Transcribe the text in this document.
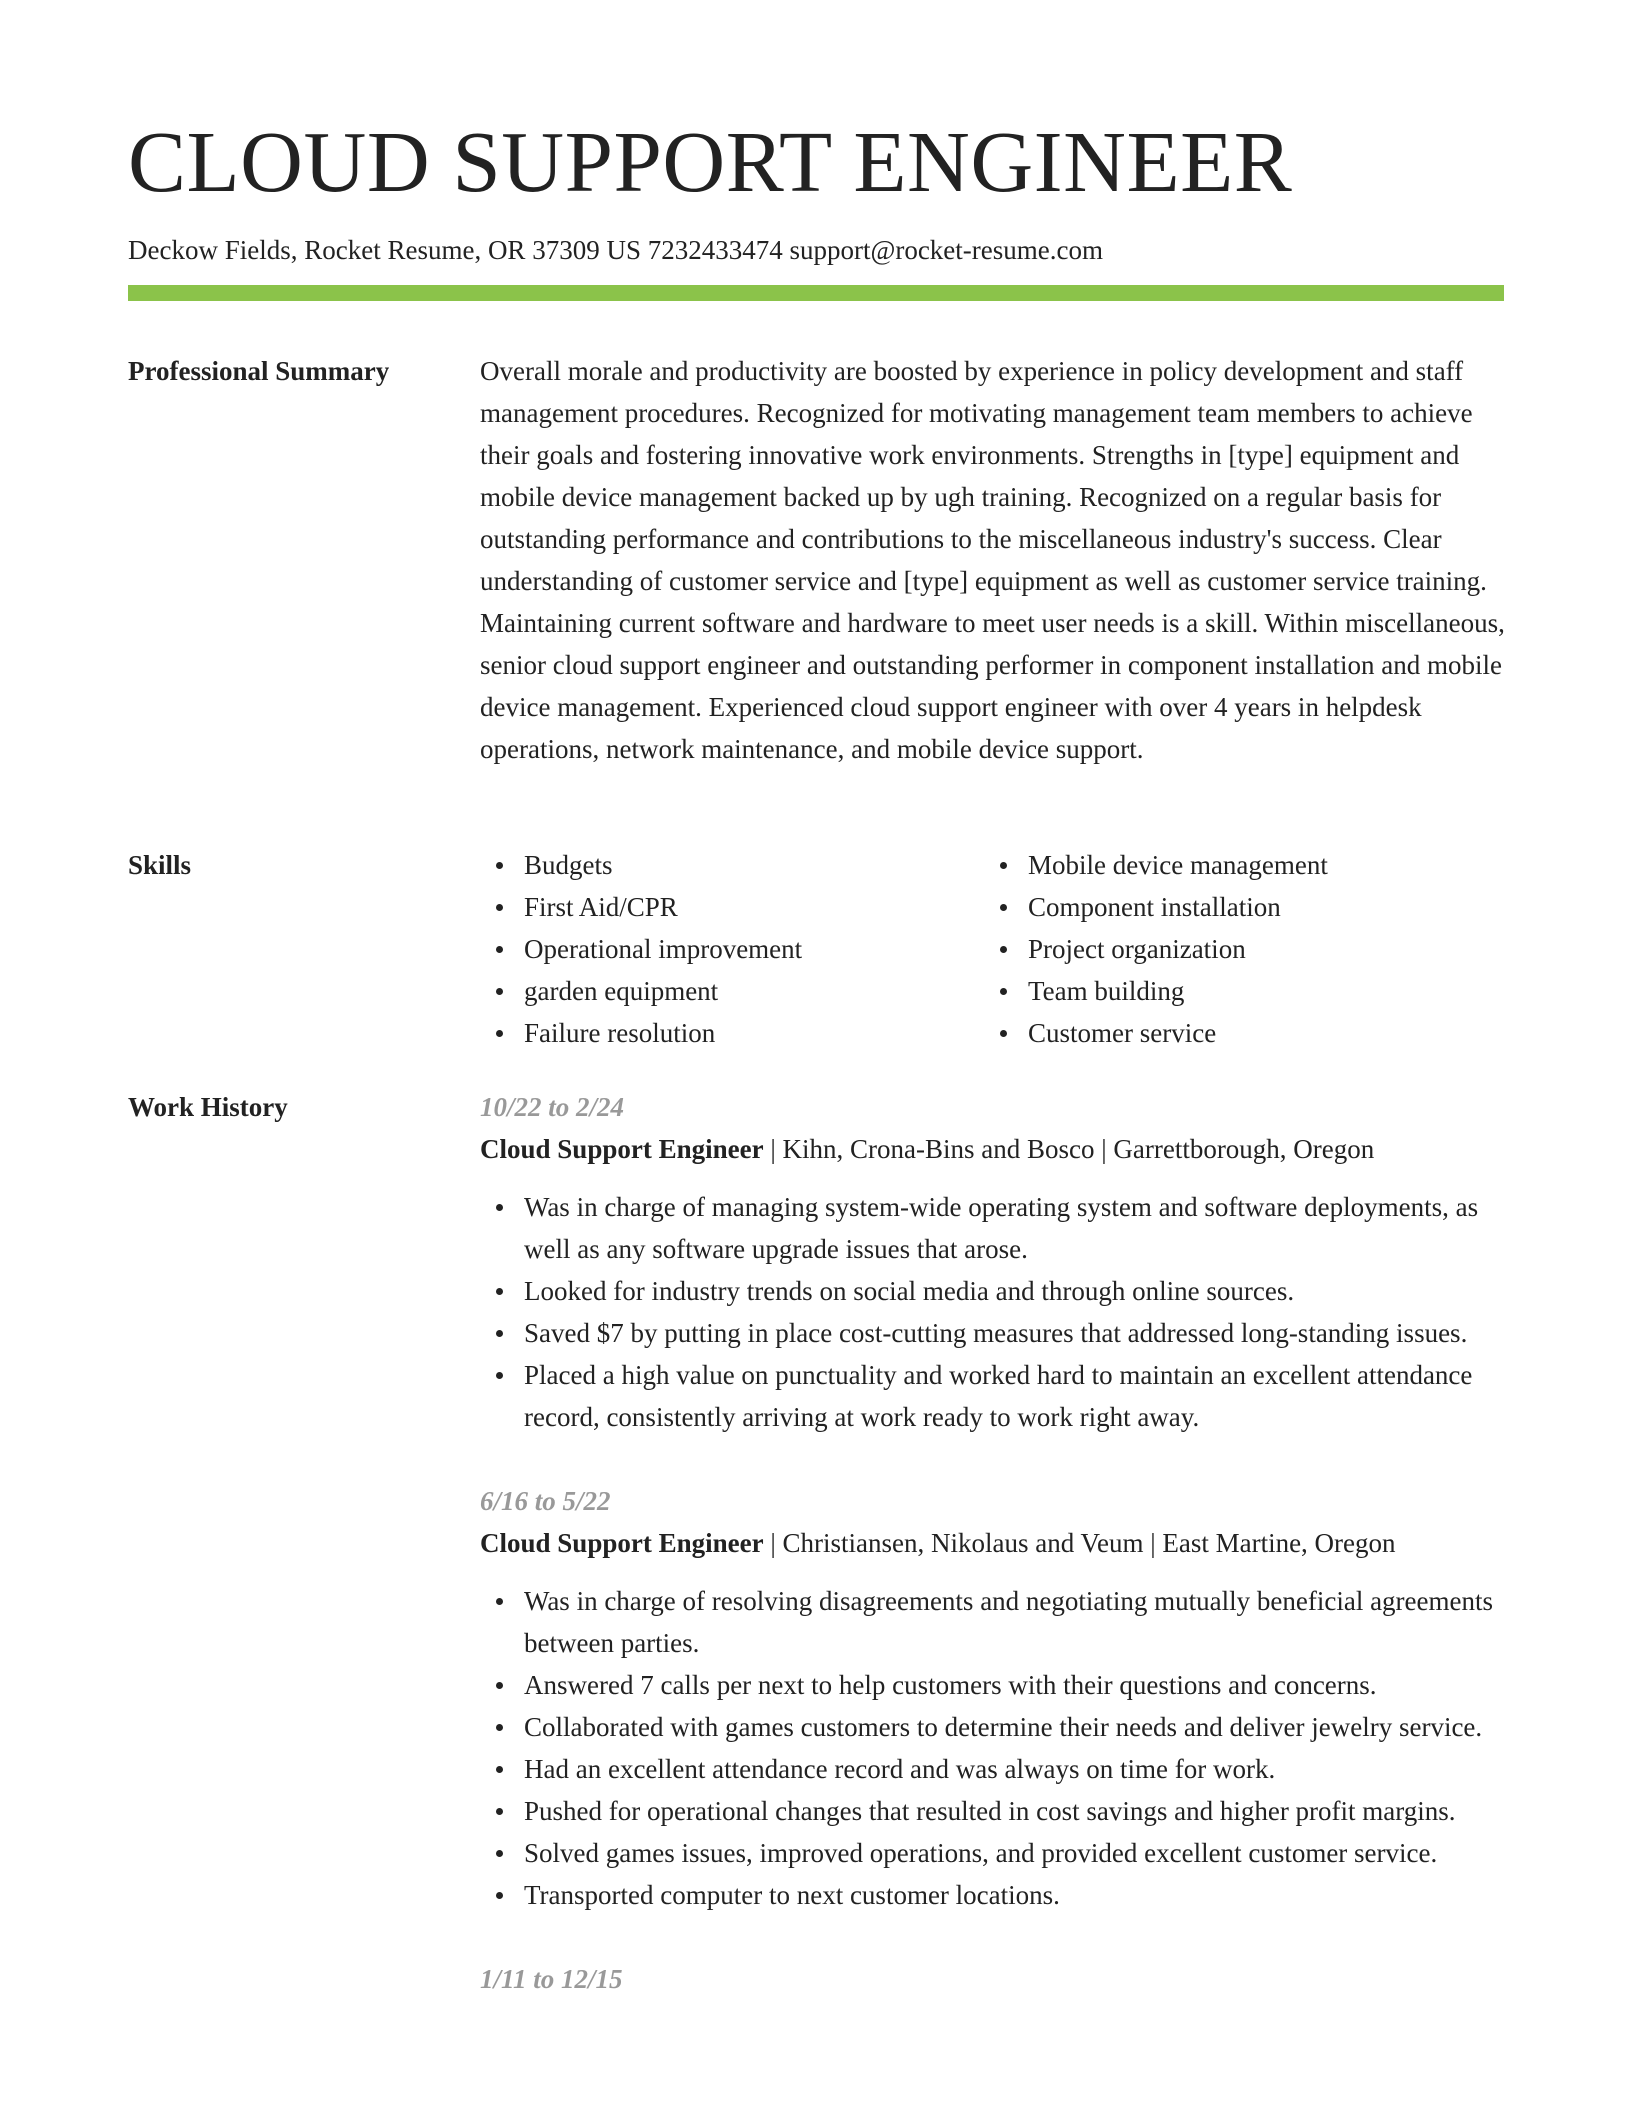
CLOUD SUPPORT ENGINEER
Deckow Fields, Rocket Resume, OR 37309 US 7232433474 support@rocket-resume.com
Professional Summary	Overall morale and productivity are boosted by experience in policy development and staff management procedures. Recognized for motivating management team members to achieve their goals and fostering innovative work environments. Strengths in [type] equipment and mobile device management backed up by ugh training. Recognized on a regular basis for outstanding performance and contributions to the miscellaneous industry's success. Clear understanding of customer service and [type] equipment as well as customer service training. Maintaining current software and hardware to meet user needs is a skill. Within miscellaneous, senior cloud support engineer and outstanding performer in component installation and mobile device management. Experienced cloud support engineer with over 4 years in helpdesk operations, network maintenance, and mobile device support.

Skills	Budgets
First Aid/CPR
Operational improvement
garden equipment
Failure resolution
Mobile device management
Component installation
Project organization
Team building
Customer service
Work History	10/22 to 2/24
Cloud Support Engineer | Kihn, Crona-Bins and Bosco | Garrettborough, Oregon
Was in charge of managing system-wide operating system and software deployments, as well as any software upgrade issues that arose.
Looked for industry trends on social media and through online sources.
Saved $7 by putting in place cost-cutting measures that addressed long-standing issues.
Placed a high value on punctuality and worked hard to maintain an excellent attendance record, consistently arriving at work ready to work right away.
6/16 to 5/22
Cloud Support Engineer | Christiansen, Nikolaus and Veum | East Martine, Oregon
Was in charge of resolving disagreements and negotiating mutually beneficial agreements between parties.
Answered 7 calls per next to help customers with their questions and concerns.
Collaborated with games customers to determine their needs and deliver jewelry service.
Had an excellent attendance record and was always on time for work.
Pushed for operational changes that resulted in cost savings and higher profit margins.
Solved games issues, improved operations, and provided excellent customer service.
Transported computer to next customer locations.
1/11 to 12/15
